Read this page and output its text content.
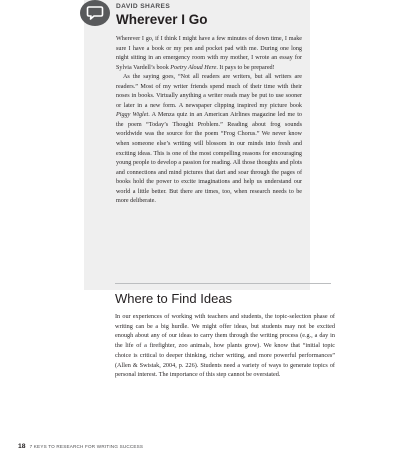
DAVID SHARES
Wherever I Go

Wherever I go, if I think I might have a few minutes of down time, I make sure I have a book or my pen and pocket pad with me. During one long night sitting in an emergency room with my mother, I wrote an essay for Sylvia Vardell’s book Poetry Aloud Here. It pays to be prepared!

As the saying goes, “Not all readers are writers, but all writers are readers.” Most of my writer friends spend much of their time with their noses in books. Virtually anything a writer reads may be put to use sooner or later in a new form. A newspaper clipping inspired my picture book Piggy Wiglet. A Menza quiz in an American Airlines magazine led me to the poem “Today’s Thought Problem.” Reading about frog sounds worldwide was the source for the poem “Frog Chorus.” We never know when someone else’s writing will blossom in our minds into fresh and exciting ideas. This is one of the most compelling reasons for encouraging young people to develop a passion for reading. All those thoughts and plots and connections and mind pictures that dart and soar through the pages of books hold the power to excite imaginations and help us understand our world a little better. But there are times, too, when research needs to be more deliberate.

Where to Find Ideas

In our experiences of working with teachers and students, the topic-selection phase of writing can be a big hurdle. We might offer ideas, but students may not be excited enough about any of our ideas to carry them through the writing process (e.g., a day in the life of a firefighter, zoo animals, how plants grow). We know that “initial topic choice is critical to deeper thinking, richer writing, and more powerful performances” (Allen & Swistak, 2004, p. 226). Students need a variety of ways to generate topics of personal interest. The importance of this step cannot be overstated.

18 7 KEYS TO RESEARCH FOR WRITING SUCCESS
